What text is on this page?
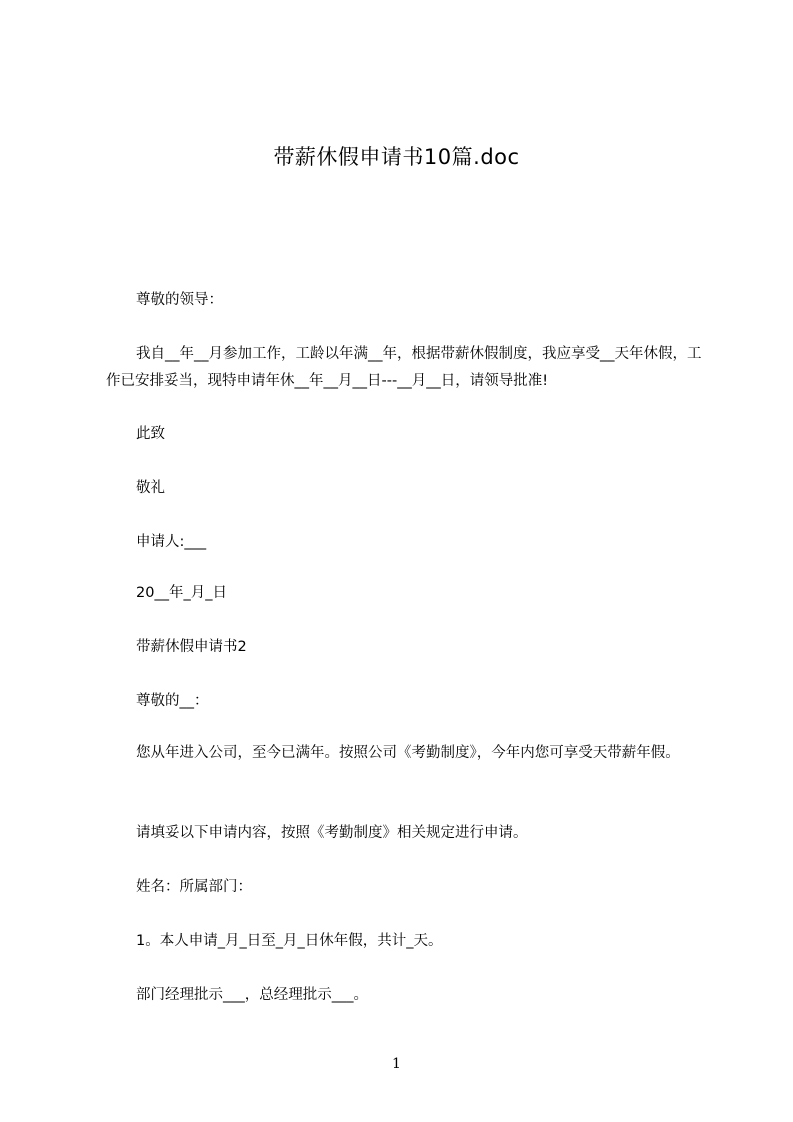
带薪休假申请书10篇.doc
尊敬的领导：
我自__年__月参加工作，工龄以年满__年，根据带薪休假制度，我应享受__天年休假，工作已安排妥当，现特申请年休__年__月__日---__月__日，请领导批准!
此致
敬礼
申请人:___
20__年_月_日
带薪休假申请书2
尊敬的__：
您从年进入公司，至今已满年。按照公司《考勤制度》，今年内您可享受天带薪年假。
请填妥以下申请内容，按照《考勤制度》相关规定进行申请。
姓名：所属部门：
1。本人申请_月_日至_月_日休年假，共计_天。
部门经理批示___，总经理批示___。
1
